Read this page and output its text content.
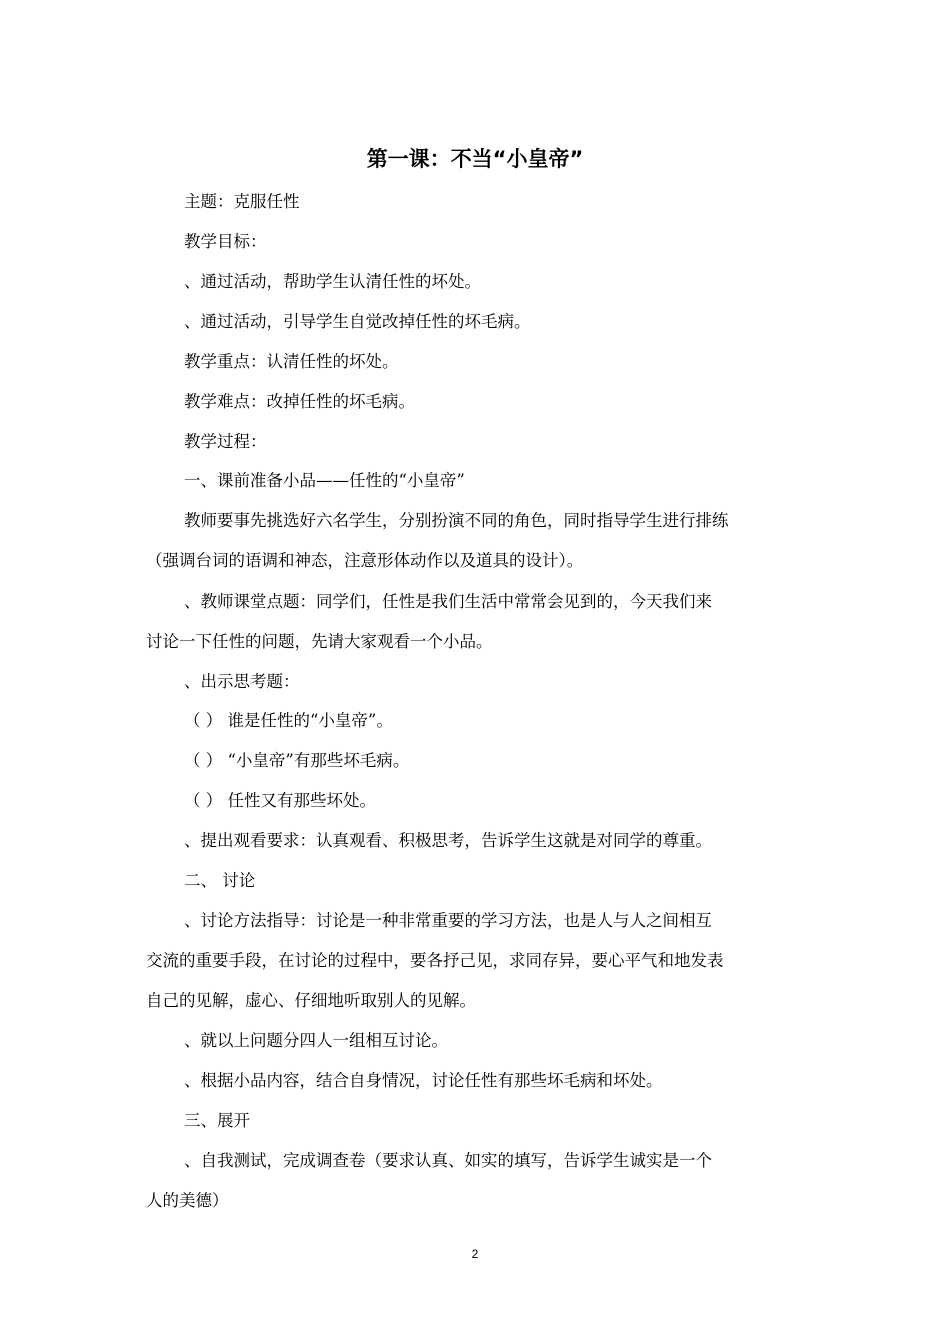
第一课：不当“小皇帝”
主题：克服任性
教学目标：
、通过活动，帮助学生认清任性的坏处。
、通过活动，引导学生自觉改掉任性的坏毛病。
教学重点：认清任性的坏处。
教学难点：改掉任性的坏毛病。
教学过程：
一、课前准备小品——任性的“小皇帝”
教师要事先挑选好六名学生，分别扮演不同的角色，同时指导学生进行排练
（强调台词的语调和神态，注意形体动作以及道具的设计）。
、教师课堂点题：同学们，任性是我们生活中常常会见到的，今天我们来
讨论一下任性的问题，先请大家观看一个小品。
、出示思考题：
（ ） 谁是任性的“小皇帝”。
（ ） “小皇帝”有那些坏毛病。
（ ） 任性又有那些坏处。
、提出观看要求：认真观看、积极思考，告诉学生这就是对同学的尊重。
二、 讨论
、讨论方法指导：讨论是一种非常重要的学习方法，也是人与人之间相互
交流的重要手段，在讨论的过程中，要各抒己见，求同存异，要心平气和地发表
自己的见解，虚心、仔细地听取别人的见解。
、就以上问题分四人一组相互讨论。
、根据小品内容，结合自身情况，讨论任性有那些坏毛病和坏处。
三、展开
、自我测试，完成调查卷（要求认真、如实的填写，告诉学生诚实是一个
人的美德）
2
